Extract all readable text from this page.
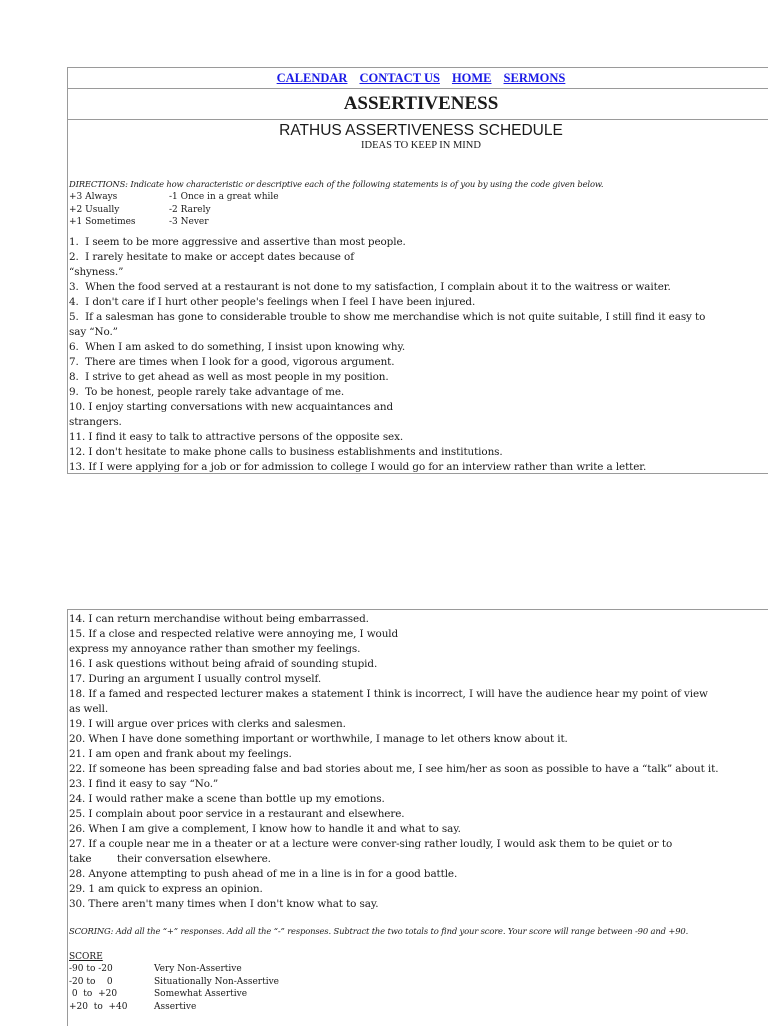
CALENDAR CONTACT US HOME SERMONS
ASSERTIVENESS
RATHUS ASSERTIVENESS SCHEDULE
IDEAS TO KEEP IN MIND
DIRECTIONS: Indicate how characteristic or descriptive each of the following statements is of you by using the code given below.
+3 Always	-1 Once in a great while
+2 Usually	-2 Rarely
+1 Sometimes	-3 Never
1.  I seem to be more aggressive and assertive than most people.
2.  I rarely hesitate to make or accept dates because of
“shyness.”
3.  When the food served at a restaurant is not done to my satisfaction, I complain about it to the waitress or waiter.
4.  I don't care if I hurt other people's feelings when I feel I have been injured.
5.  If a salesman has gone to considerable trouble to show me merchandise which is not quite suitable, I still find it easy to
say “No.”
6.  When I am asked to do something, I insist upon knowing why.
7.  There are times when I look for a good, vigorous argument.
8.  I strive to get ahead as well as most people in my position.
9.  To be honest, people rarely take advantage of me.
10. I enjoy starting conversations with new acquaintances and
strangers.
11. I find it easy to talk to attractive persons of the opposite sex.
12. I don't hesitate to make phone calls to business establishments and institutions.
13. If I were applying for a job or for admission to college I would go for an interview rather than write a letter.
14. I can return merchandise without being embarrassed.
15. If a close and respected relative were annoying me, I would
express my annoyance rather than smother my feelings.
16. I ask questions without being afraid of sounding stupid.
17. During an argument I usually control myself.
18. If a famed and respected lecturer makes a statement I think is incorrect, I will have the audience hear my point of view
as well.
19. I will argue over prices with clerks and salesmen.
20. When I have done something important or worthwhile, I manage to let others know about it.
21. I am open and frank about my feelings.
22. If someone has been spreading false and bad stories about me, I see him/her as soon as possible to have a “talk” about it.
23. I find it easy to say “No.”
24. I would rather make a scene than bottle up my emotions.
25. I complain about poor service in a restaurant and elsewhere.
26. When I am give a complement, I know how to handle it and what to say.
27. If a couple near me in a theater or at a lecture were conver-sing rather loudly, I would ask them to be quiet or to
take        their conversation elsewhere.
28. Anyone attempting to push ahead of me in a line is in for a good battle.
29. 1 am quick to express an opinion.
30. There aren't many times when I don't know what to say.
SCORING: Add all the “+” responses. Add all the “-” responses. Subtract the two totals to find your score. Your score will range between -90 and +90.
SCORE
-90 to -20	Very Non-Assertive
-20 to    0	Situationally Non-Assertive
0  to  +20	Somewhat Assertive
+20  to  +40	Assertive
